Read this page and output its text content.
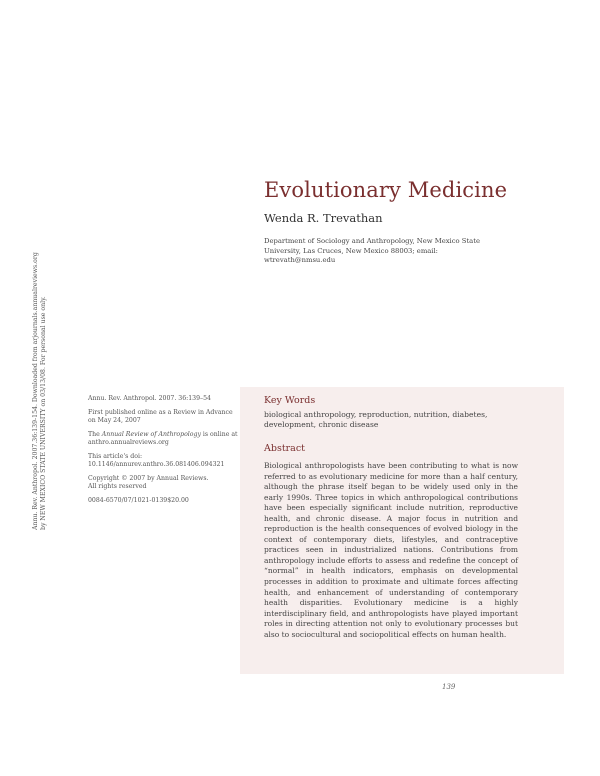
Annu. Rev. Anthropol. 2007.36:139-154. Downloaded from arjournals.annualreviews.org by NEW MEXICO STATE UNIVERSITY on 03/13/08. For personal use only.
Evolutionary Medicine
Wenda R. Trevathan
Department of Sociology and Anthropology, New Mexico State University, Las Cruces, New Mexico 88003; email: wtrevath@nmsu.edu

Annu. Rev. Anthropol. 2007. 36:139–54

First published online as a Review in Advance on May 24, 2007

The Annual Review of Anthropology is online at anthro.annualreviews.org

This article's doi:
10.1146/annurev.anthro.36.081406.094321

Copyright © 2007 by Annual Reviews.
All rights reserved

0084-6570/07/1021-0139$20.00

Key Words
biological anthropology, reproduction, nutrition, diabetes, development, chronic disease
Abstract
Biological anthropologists have been contributing to what is now referred to as evolutionary medicine for more than a half century, although the phrase itself began to be widely used only in the early 1990s. Three topics in which anthropological contributions have been especially significant include nutrition, reproductive health, and chronic disease. A major focus in nutrition and reproduction is the health consequences of evolved biology in the context of contemporary diets, lifestyles, and contraceptive practices seen in industrialized nations. Contributions from anthropology include efforts to assess and redefine the concept of “normal” in health indicators, emphasis on developmental processes in addition to proximate and ultimate forces affecting health, and enhancement of understanding of contemporary health disparities. Evolutionary medicine is a highly interdisciplinary field, and anthropologists have played important roles in directing attention not only to evolutionary processes but also to sociocultural and sociopolitical effects on human health.
139
